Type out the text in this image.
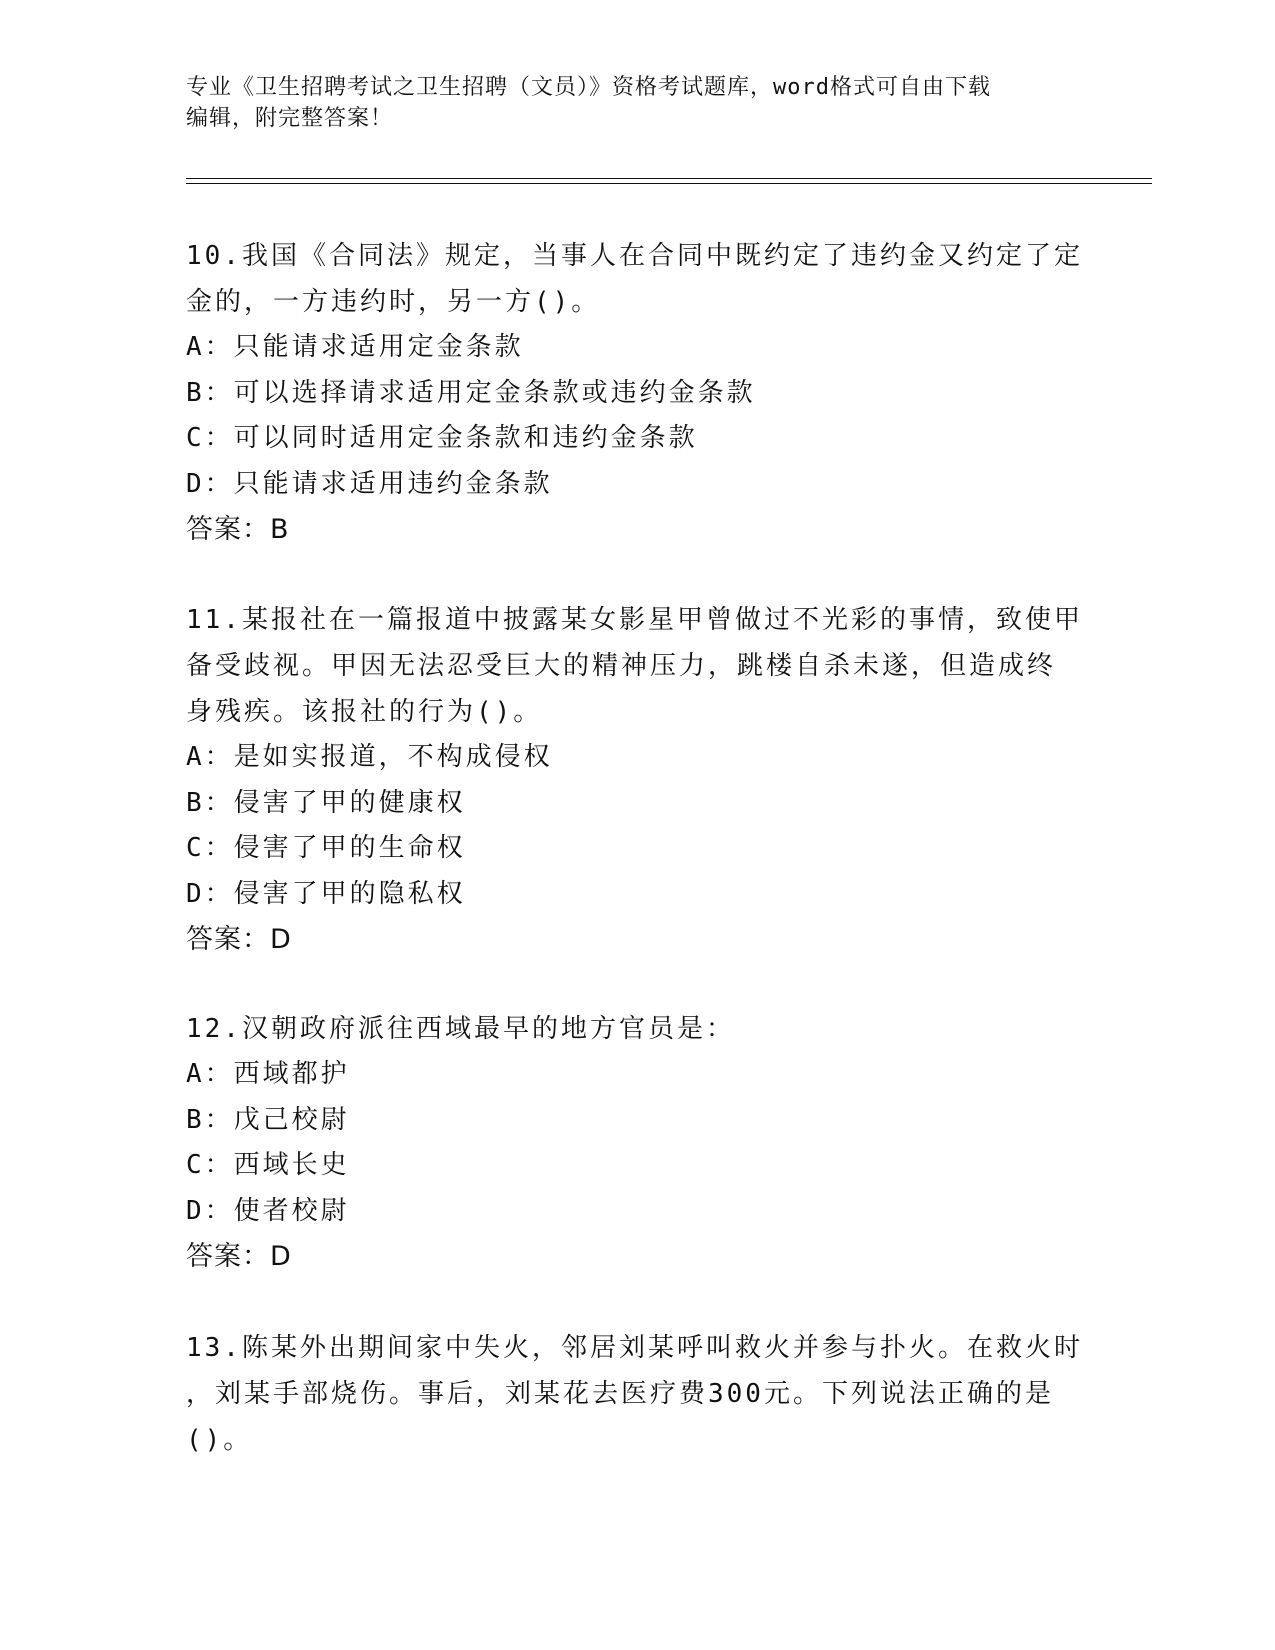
专业《卫生招聘考试之卫生招聘（文员）》资格考试题库，word格式可自由下载
编辑，附完整答案！
10.我国《合同法》规定，当事人在合同中既约定了违约金又约定了定
金的，一方违约时，另一方()。
A：只能请求适用定金条款
B：可以选择请求适用定金条款或违约金条款
C：可以同时适用定金条款和违约金条款
D：只能请求适用违约金条款
答案：B
11.某报社在一篇报道中披露某女影星甲曾做过不光彩的事情，致使甲
备受歧视。甲因无法忍受巨大的精神压力，跳楼自杀未遂，但造成终
身残疾。该报社的行为()。
A：是如实报道，不构成侵权
B：侵害了甲的健康权
C：侵害了甲的生命权
D：侵害了甲的隐私权
答案：D
12.汉朝政府派往西域最早的地方官员是：
A：西域都护
B：戊己校尉
C：西域长史
D：使者校尉
答案：D
13.陈某外出期间家中失火，邻居刘某呼叫救火并参与扑火。在救火时
，刘某手部烧伤。事后，刘某花去医疗费300元。下列说法正确的是
()。
